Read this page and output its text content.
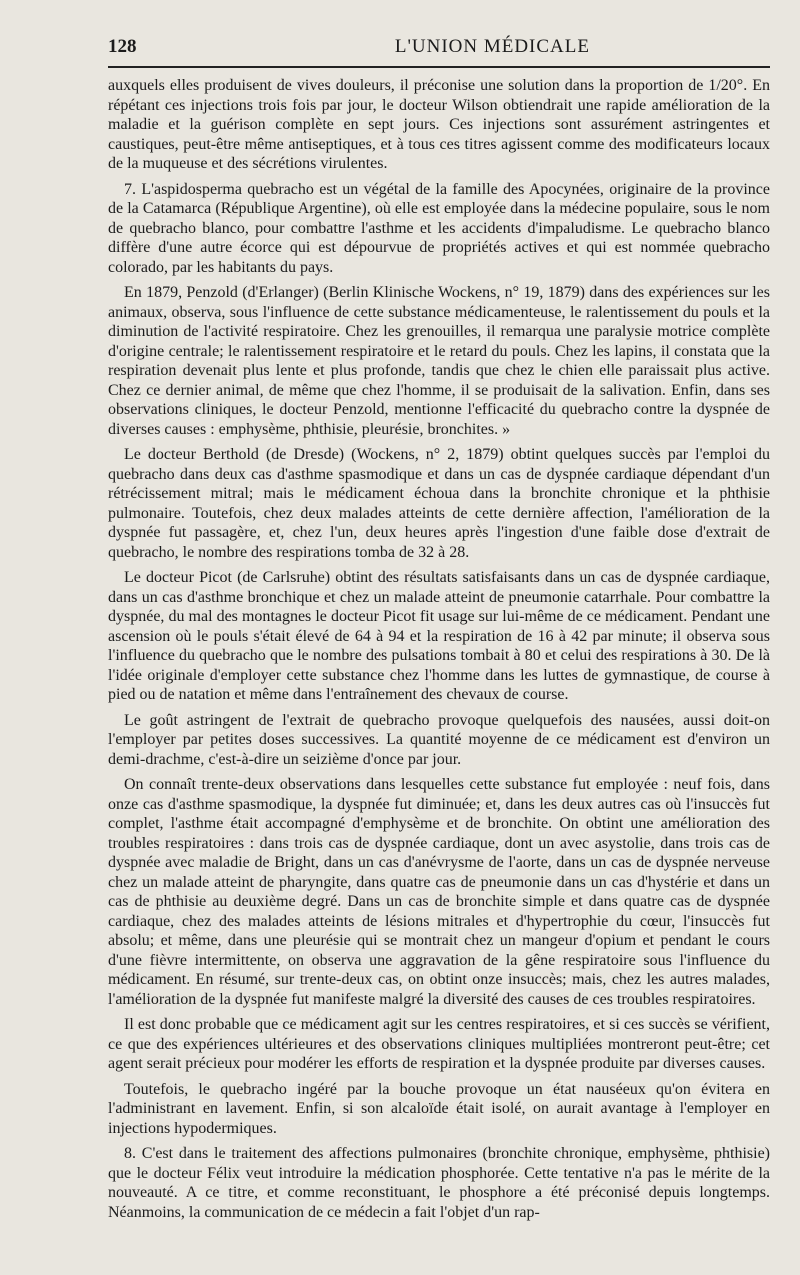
128	L'UNION MÉDICALE

auxquels elles produisent de vives douleurs, il préconise une solution dans la proportion de 1/20°. En répétant ces injections trois fois par jour, le docteur Wilson obtiendrait une rapide amélioration de la maladie et la guérison complète en sept jours. Ces injections sont assurément astringentes et caustiques, peut-être même antiseptiques, et à tous ces titres agissent comme des modificateurs locaux de la muqueuse et des sécrétions virulentes.

7. L'aspidosperma quebracho est un végétal de la famille des Apocynées, originaire de la province de la Catamarca (République Argentine), où elle est employée dans la médecine populaire, sous le nom de quebracho blanco, pour combattre l'asthme et les accidents d'impaludisme. Le quebracho blanco diffère d'une autre écorce qui est dépourvue de propriétés actives et qui est nommée quebracho colorado, par les habitants du pays.

En 1879, Penzold (d'Erlanger) (Berlin Klinische Wockens, n° 19, 1879) dans des expériences sur les animaux, observa, sous l'influence de cette substance médicamenteuse, le ralentissement du pouls et la diminution de l'activité respiratoire. Chez les grenouilles, il remarqua une paralysie motrice complète d'origine centrale; le ralentissement respiratoire et le retard du pouls. Chez les lapins, il constata que la respiration devenait plus lente et plus profonde, tandis que chez le chien elle paraissait plus active. Chez ce dernier animal, de même que chez l'homme, il se produisait de la salivation. Enfin, dans ses observations cliniques, le docteur Penzold, mentionne l'efficacité du quebracho contre la dyspnée de diverses causes : emphysème, phthisie, pleurésie, bronchites. »

Le docteur Berthold (de Dresde) (Wockens, n° 2, 1879) obtint quelques succès par l'emploi du quebracho dans deux cas d'asthme spasmodique et dans un cas de dyspnée cardiaque dépendant d'un rétrécissement mitral; mais le médicament échoua dans la bronchite chronique et la phthisie pulmonaire. Toutefois, chez deux malades atteints de cette dernière affection, l'amélioration de la dyspnée fut passagère, et, chez l'un, deux heures après l'ingestion d'une faible dose d'extrait de quebracho, le nombre des respirations tomba de 32 à 28.

Le docteur Picot (de Carlsruhe) obtint des résultats satisfaisants dans un cas de dyspnée cardiaque, dans un cas d'asthme bronchique et chez un malade atteint de pneumonie catarrhale. Pour combattre la dyspnée, du mal des montagnes le docteur Picot fit usage sur lui-même de ce médicament. Pendant une ascension où le pouls s'était élevé de 64 à 94 et la respiration de 16 à 42 par minute; il observa sous l'influence du quebracho que le nombre des pulsations tombait à 80 et celui des respirations à 30. De là l'idée originale d'employer cette substance chez l'homme dans les luttes de gymnastique, de course à pied ou de natation et même dans l'entraînement des chevaux de course.

Le goût astringent de l'extrait de quebracho provoque quelquefois des nausées, aussi doit-on l'employer par petites doses successives. La quantité moyenne de ce médicament est d'environ un demi-drachme, c'est-à-dire un seizième d'once par jour.

On connaît trente-deux observations dans lesquelles cette substance fut employée : neuf fois, dans onze cas d'asthme spasmodique, la dyspnée fut diminuée; et, dans les deux autres cas où l'insuccès fut complet, l'asthme était accompagné d'emphysème et de bronchite. On obtint une amélioration des troubles respiratoires : dans trois cas de dyspnée cardiaque, dont un avec asystolie, dans trois cas de dyspnée avec maladie de Bright, dans un cas d'anévrysme de l'aorte, dans un cas de dyspnée nerveuse chez un malade atteint de pharyngite, dans quatre cas de pneumonie dans un cas d'hystérie et dans un cas de phthisie au deuxième degré. Dans un cas de bronchite simple et dans quatre cas de dyspnée cardiaque, chez des malades atteints de lésions mitrales et d'hypertrophie du cœur, l'insuccès fut absolu; et même, dans une pleurésie qui se montrait chez un mangeur d'opium et pendant le cours d'une fièvre intermittente, on observa une aggravation de la gêne respiratoire sous l'influence du médicament. En résumé, sur trente-deux cas, on obtint onze insuccès; mais, chez les autres malades, l'amélioration de la dyspnée fut manifeste malgré la diversité des causes de ces troubles respiratoires.

Il est donc probable que ce médicament agit sur les centres respiratoires, et si ces succès se vérifient, ce que des expériences ultérieures et des observations cliniques multipliées montreront peut-être; cet agent serait précieux pour modérer les efforts de respiration et la dyspnée produite par diverses causes.

Toutefois, le quebracho ingéré par la bouche provoque un état nauséeux qu'on évitera en l'administrant en lavement. Enfin, si son alcaloïde était isolé, on aurait avantage à l'employer en injections hypodermiques.

8. C'est dans le traitement des affections pulmonaires (bronchite chronique, emphysème, phthisie) que le docteur Félix veut introduire la médication phosphorée. Cette tentative n'a pas le mérite de la nouveauté. A ce titre, et comme reconstituant, le phosphore a été préconisé depuis longtemps. Néanmoins, la communication de ce médecin a fait l'objet d'un rap-
